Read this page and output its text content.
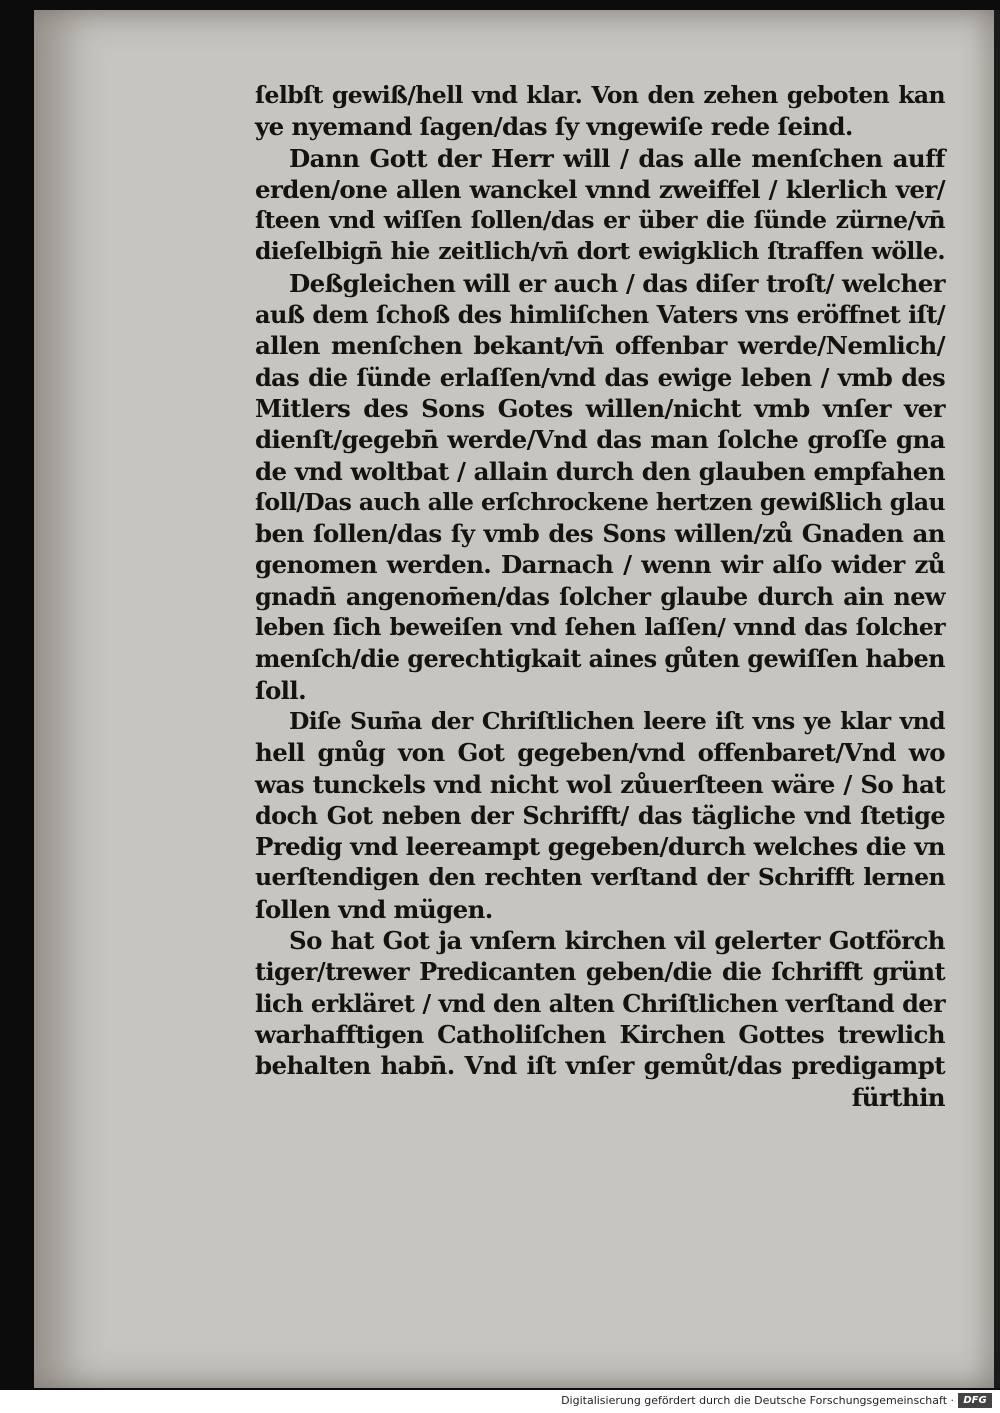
ſelbſt gewiß/hell vnd klar. Von den zehen geboten kan
ye nyemand ſagen/das ſy vngewiſe rede ſeind.
Dann Gott der Herr will / das alle menſchen auff
erden/one allen wanckel vnnd zweiffel / klerlich ver/
ſteen vnd wiſſen ſollen/das er über die ſünde zürne/vn̄
dieſelbign̄ hie zeitlich/vn̄ dort ewigklich ſtraffen wölle.
Deßgleichen will er auch / das diſer troſt/ welcher
auß dem ſchoß des himliſchen Vaters vns eröffnet iſt/
allen menſchen bekant/vn̄ offenbar werde/Nemlich/
das die ſünde erlaſſen/vnd das ewige leben / vmb des
Mitlers des Sons Gotes willen/nicht vmb vnſer ver
dienſt/gegebn̄ werde/Vnd das man ſolche groſſe gna
de vnd woltbat / allain durch den glauben empfahen
ſoll/Das auch alle erſchrockene hertzen gewißlich glau
ben ſollen/das ſy vmb des Sons willen/zů Gnaden an
genomen werden. Darnach / wenn wir alſo wider zů
gnadn̄ angenom̄en/das ſolcher glaube durch ain new
leben ſich beweiſen vnd ſehen laſſen/ vnnd das ſolcher
menſch/die gerechtigkait aines gůten gewiſſen haben
ſoll.
Diſe Sum̄a der Chriſtlichen leere iſt vns ye klar vnd
hell gnůg von Got gegeben/vnd offenbaret/Vnd wo
was tunckels vnd nicht wol zůuerſteen wäre / So hat
doch Got neben der Schrifft/ das tägliche vnd ſtetige
Predig vnd leereampt gegeben/durch welches die vn
uerſtendigen den rechten verſtand der Schrifft lernen
ſollen vnd mügen.
So hat Got ja vnſern kirchen vil gelerter Gotförch
tiger/trewer Predicanten geben/die die ſchrifft grünt
lich erkläret / vnd den alten Chriſtlichen verſtand der
warhafftigen Catholiſchen Kirchen Gottes trewlich
behalten habn̄. Vnd iſt vnſer gemůt/das predigampt
fürthin
Digitalisierung gefördert durch die Deutsche Forschungsgemeinschaft · DFG
